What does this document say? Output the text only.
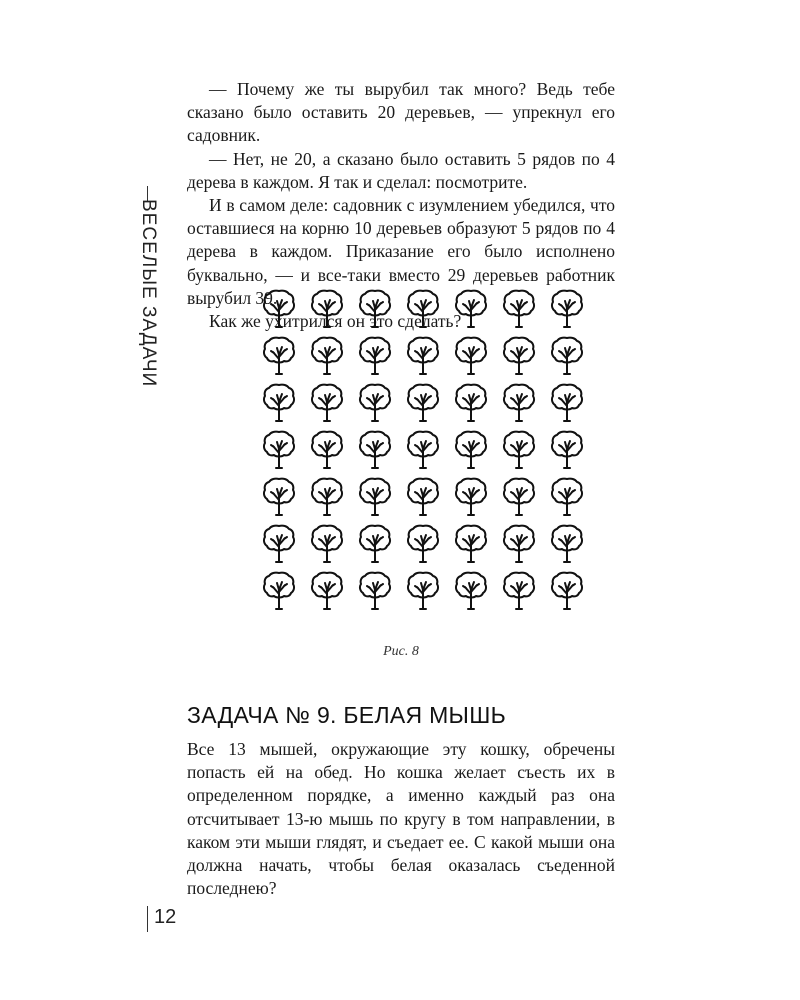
ВЕСЕЛЫЕ ЗАДАЧИ

— Почему же ты вырубил так много? Ведь тебе сказано было оставить 20 деревьев, — упрекнул его садовник.

— Нет, не 20, а сказано было оставить 5 рядов по 4 дерева в каждом. Я так и сделал: посмотрите.

И в самом деле: садовник с изумлением убедился, что оставшиеся на корню 10 деревьев образуют 5 рядов по 4 дерева в каждом. Приказание его было исполнено буквально, — и все-таки вместо 29 деревьев работник вырубил 39.

Как же ухитрился он это сделать?

Рис. 8
ЗАДАЧА № 9. БЕЛАЯ МЫШЬ

Все 13 мышей, окружающие эту кошку, обречены попасть ей на обед. Но кошка желает съесть их в определенном порядке, а именно каждый раз она отсчитывает 13-ю мышь по кругу в том направлении, в каком эти мыши глядят, и съедает ее. С какой мыши она должна начать, чтобы белая оказалась съеденной последнею?

12
